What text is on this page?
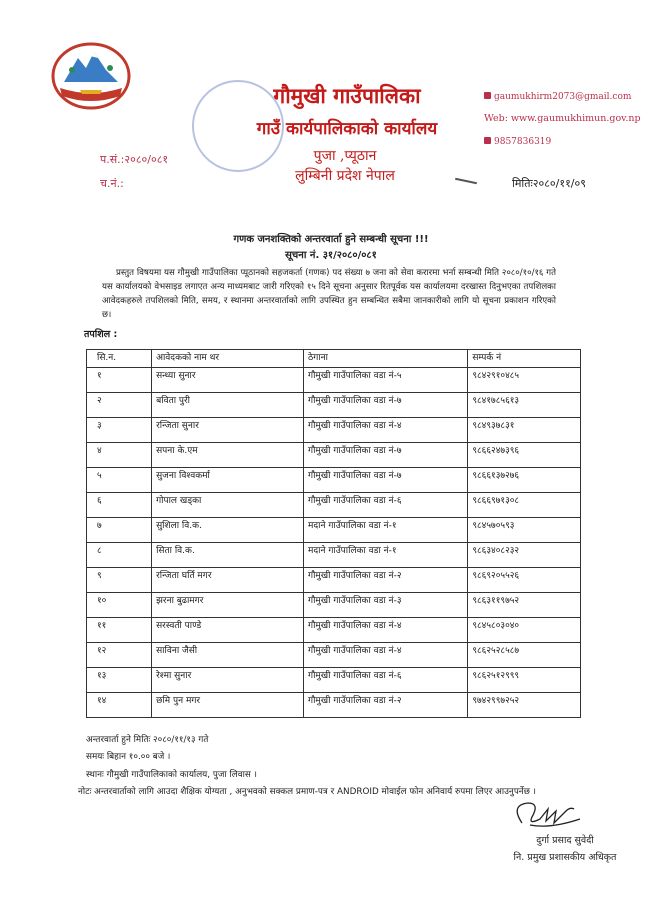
गौमुखी गाउँपालिका
गाउँ कार्यपालिकाको कार्यालय
पुजा ,प्यूठान
लुम्बिनी प्रदेश नेपाल
gaumukhirm2073@gmail.com
Web: www.gaumukhimun.gov.np
9857836319
प.सं.:२०८०/०८१
च.नं.:	मितिः२०८०/११/०९
गणक जनशक्तिको अन्तरवार्ता हुने सम्बन्धी सूचना !!!
सूचना नं. ३१/२०८०/०८१
प्रस्तुत विषयमा यस गौमुखी गाउँपालिका प्यूठानको सहजकर्ता (गणक) पद संख्या ७ जना को सेवा करारमा भर्ना सम्बन्धी मिति २०८०/१०/१६ गते यस कार्यालयको वेभसाइड लगाएत अन्य माध्यमबाट जारी गरिएको १५ दिने सूचना अनुसार रितपूर्वक यस कार्यालयमा दरखास्त दिनुभएका तपशिलका आवेदकहरुले तपशिलको मिति, समय, र स्थानमा अन्तरवार्ताको लागि उपस्थित हुन सम्बन्धित सबैमा जानकारीको लागि यो सूचना प्रकाशन गरिएको छ।
तपशिल :
सि.न.	आवेदकको नाम थर	ठेगाना	सम्पर्क नं
१	सन्ध्या सुनार	गौमुखी गाउँपालिका वडा नं-५	९८४२९१०४८५
२	बविता पुरी	गौमुखी गाउँपालिका वडा नं-७	९८४१७८५६१३
३	रन्जिता सुनार	गौमुखी गाउँपालिका वडा नं-४	९८४९३७८३१
४	सपना के.एम	गौमुखी गाउँपालिका वडा नं-७	९८६६२४७३९६
५	सुजना विश्वकर्मा	गौमुखी गाउँपालिका वडा नं-७	९८६६१३७२७६
६	गोपाल खड्का	गौमुखी गाउँपालिका वडा नं-६	९८६६९७१३०८
७	सुशिला वि.क.	मदाने गाउँपालिका वडा नं-१	९८४५७०५९३
८	सिता वि.क.	मदाने गाउँपालिका वडा नं-१	९८६३४०८२३२
९	रन्जिता घर्ति मगर	गौमुखी गाउँपालिका वडा नं-२	९८६९२०५५२६
१०	झरना बुढामगर	गौमुखी गाउँपालिका वडा नं-३	९८६३११९७५२
११	सरस्वती पाण्डे	गौमुखी गाउँपालिका वडा नं-४	९८४५८०३०४०
१२	साविना जैसी	गौमुखी गाउँपालिका वडा नं-४	९८६२५२८५८७
१३	रेश्मा सुनार	गौमुखी गाउँपालिका वडा नं-६	९८६२५१२९९९
१४	छमि पुन मगर	गौमुखी गाउँपालिका वडा नं-२	९७४२९९७२५२
अन्तरवार्ता हुने मितिः २०८०/११/१३ गते
समयः बिहान १०.०० बजे ।
स्थानः गौमुखी गाउँपालिकाको कार्यालय, पुजा लिवास ।
नोटः अन्तरवार्ताको लागि आउदा शैक्षिक योग्यता , अनुभवको सक्कल प्रमाण-पत्र र ANDROID मोवाईल फोन अनिवार्य रुपमा लिएर आउनुपर्नेछ ।
दुर्गा प्रसाद सुवेदी
नि. प्रमुख प्रशासकीय अधिकृत
